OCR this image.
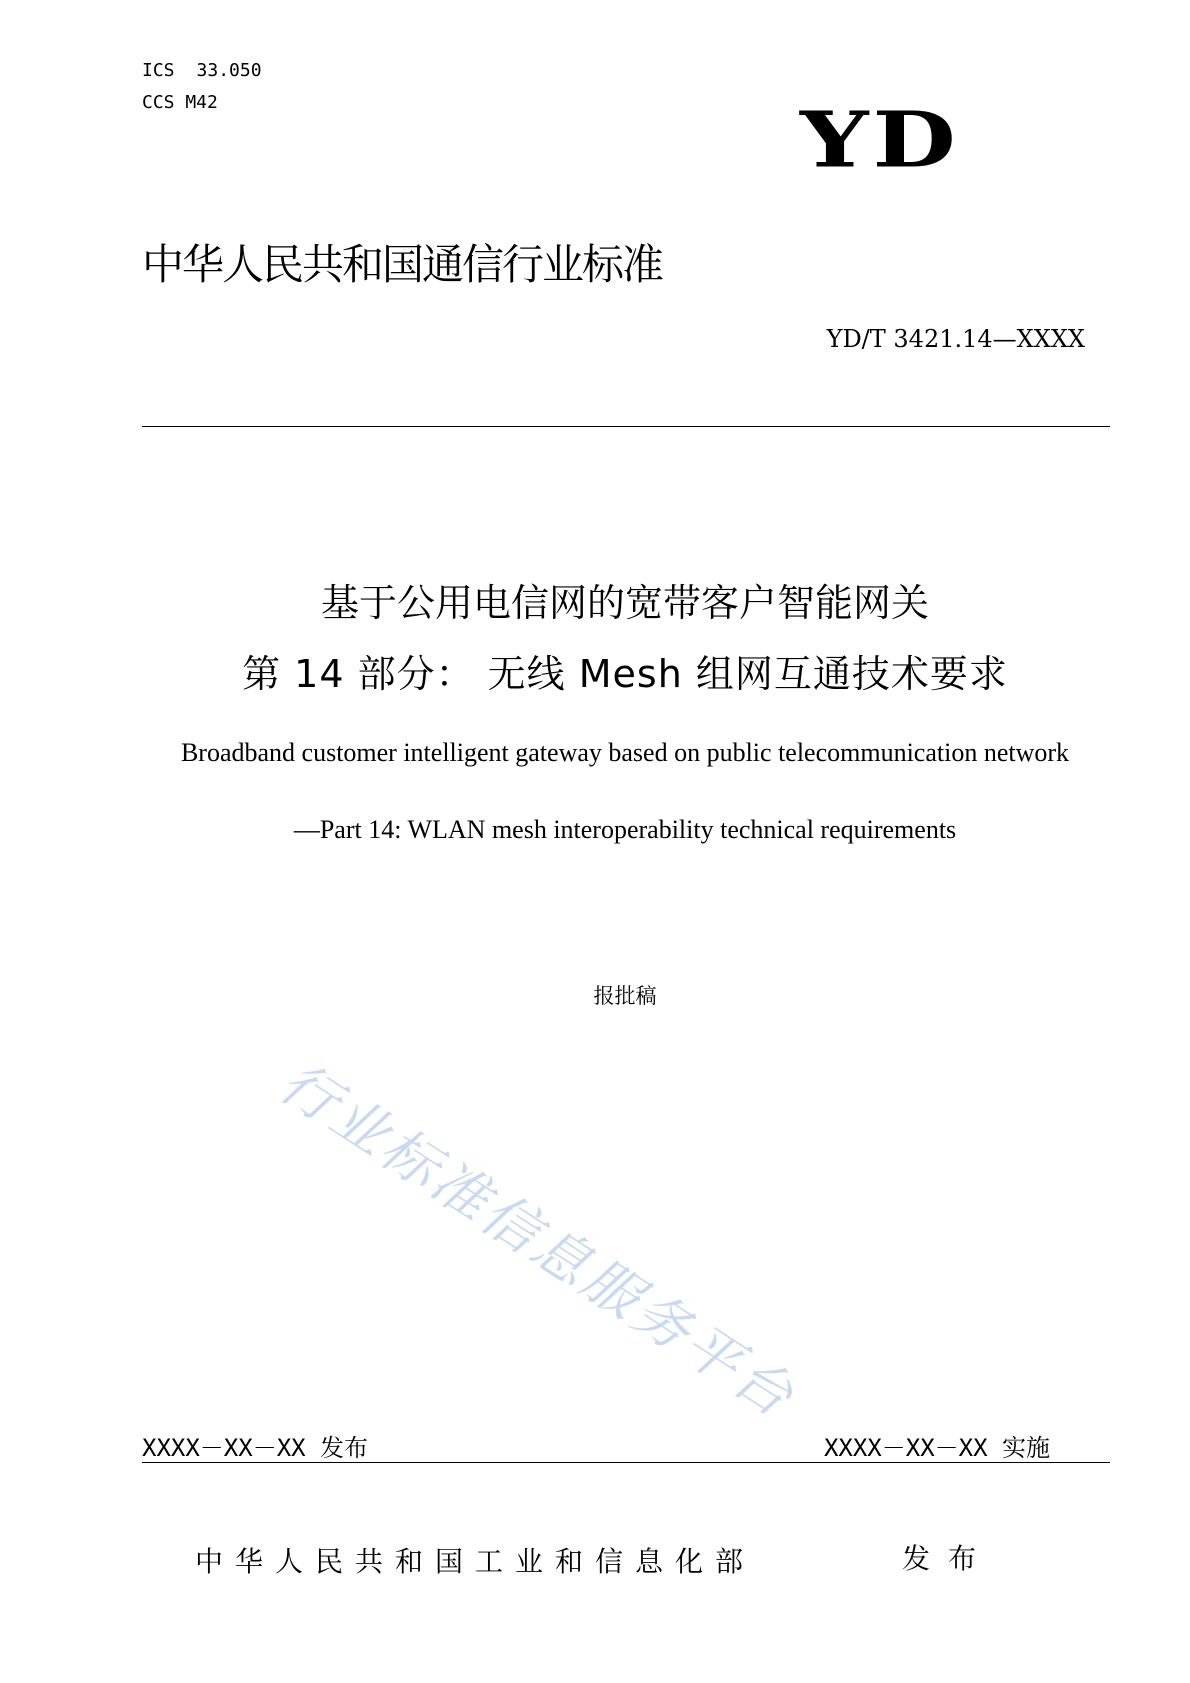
ICS 33.050
CCS M42	YD
中华人民共和国通信行业标准
YD/T 3421.14—XXXX
基于公用电信网的宽带客户智能网关
第 14 部分： 无线 Mesh 组网互通技术要求
Broadband customer intelligent gateway based on public telecommunication network
—Part 14: WLAN mesh interoperability technical requirements
报批稿
行业标准信息服务平台
XXXX－XX－XX 发布	XXXX－XX－XX 实施
中华人民共和国工业和信息化部	发布
